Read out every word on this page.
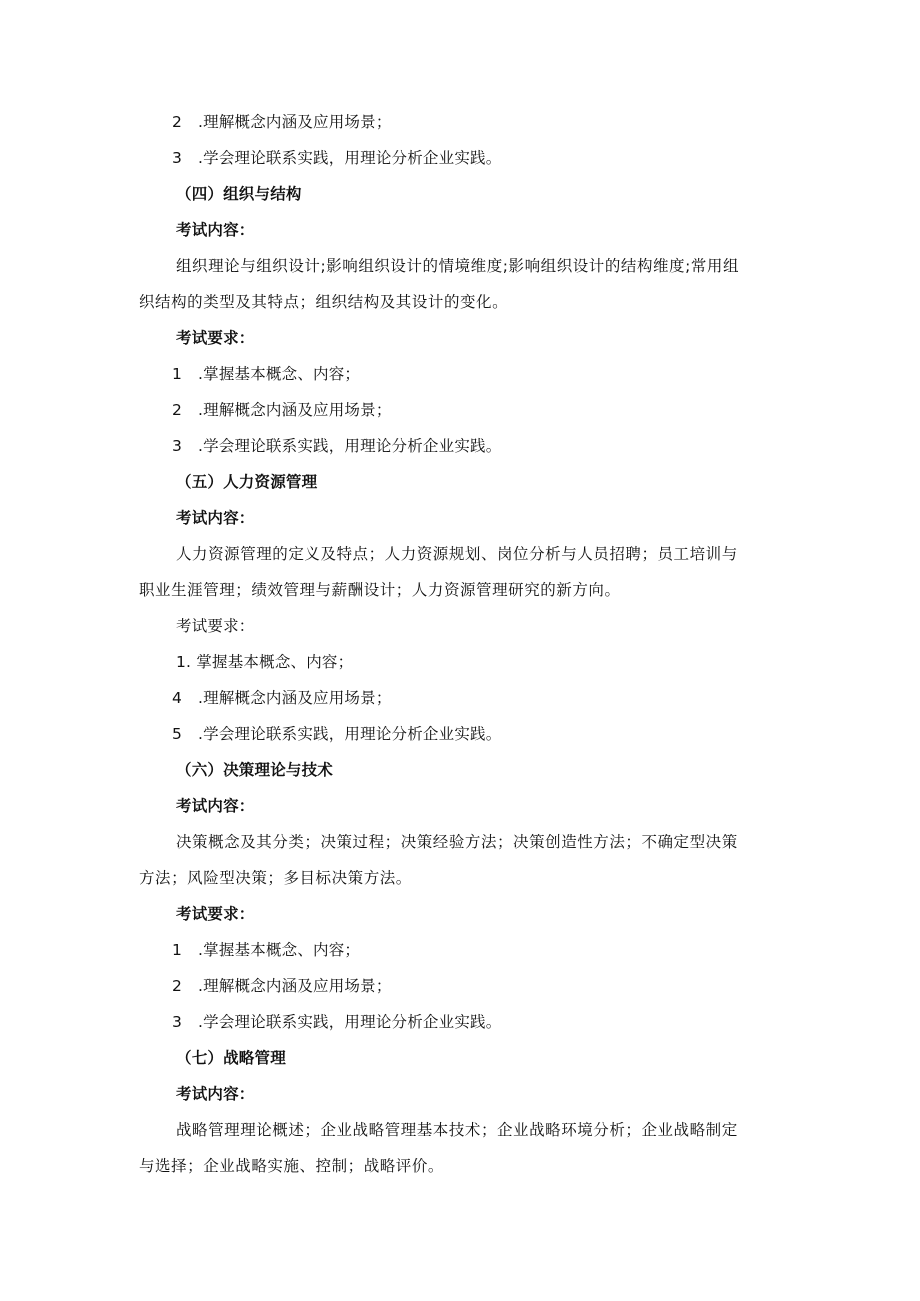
2 .理解概念内涵及应用场景；
3 .学会理论联系实践，用理论分析企业实践。
（四）组织与结构
考试内容：
组织理论与组织设计;影响组织设计的情境维度;影响组织设计的结构维度;常用组
织结构的类型及其特点；组织结构及其设计的变化。
考试要求：
1 .掌握基本概念、内容；
2 .理解概念内涵及应用场景；
3 .学会理论联系实践，用理论分析企业实践。
（五）人力资源管理
考试内容：
人力资源管理的定义及特点；人力资源规划、岗位分析与人员招聘；员工培训与
职业生涯管理；绩效管理与薪酬设计；人力资源管理研究的新方向。
考试要求：
1. 掌握基本概念、内容；
4 .理解概念内涵及应用场景；
5 .学会理论联系实践，用理论分析企业实践。
（六）决策理论与技术
考试内容：
决策概念及其分类；决策过程；决策经验方法；决策创造性方法；不确定型决策
方法；风险型决策；多目标决策方法。
考试要求：
1 .掌握基本概念、内容；
2 .理解概念内涵及应用场景；
3 .学会理论联系实践，用理论分析企业实践。
（七）战略管理
考试内容：
战略管理理论概述；企业战略管理基本技术；企业战略环境分析；企业战略制定
与选择；企业战略实施、控制；战略评价。
